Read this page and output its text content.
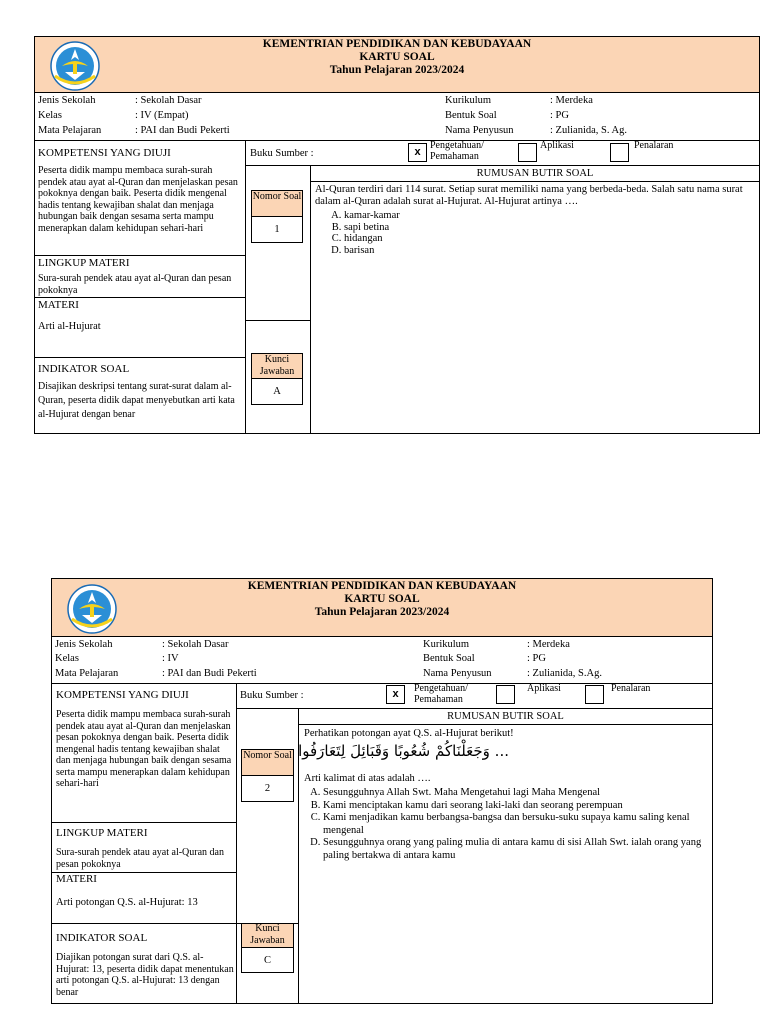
KEMENTRIAN PENDIDIKAN DAN KEBUDAYAAN
KARTU SOAL
Tahun Pelajaran 2023/2024
Jenis Sekolah	: Sekolah Dasar
Kelas	: IV (Empat)
Mata Pelajaran	: PAI dan Budi Pekerti
Kurikulum	: Merdeka
Bentuk Soal	: PG
Nama Penyusun	: Zulianida, S. Ag.
KOMPETENSI YANG DIUJI
Peserta didik mampu membaca surah-surah pendek atau ayat al-Quran dan menjelaskan pesan pokoknya dengan baik. Peserta didik mengenal hadis tentang kewajiban shalat dan menjaga hubungan baik dengan sesama serta mampu menerapkan dalam kehidupan sehari-hari
LINGKUP MATERI
Sura-surah pendek atau ayat al-Quran dan pesan pokoknya
MATERI
Arti al-Hujurat
INDIKATOR SOAL
Disajikan deskripsi tentang surat-surat dalam al-Quran, peserta didik dapat menyebutkan arti kata al-Hujurat dengan benar
Buku Sumber :	x
Pengetahuan/ Pemahaman
Aplikasi	Penalaran
RUMUSAN BUTIR SOAL
Nomor Soal
1
Kunci Jawaban
A
Al-Quran terdiri dari 114 surat. Setiap surat memiliki nama yang berbeda-beda. Salah satu nama surat dalam al-Quran adalah surat al-Hujurat. Al-Hujurat artinya ….
A. kamar-kamar
B. sapi betina
C. hidangan
D. barisan
KEMENTRIAN PENDIDIKAN DAN KEBUDAYAAN
KARTU SOAL
Tahun Pelajaran 2023/2024
Jenis Sekolah	: Sekolah Dasar
Kelas	: IV
Mata Pelajaran	: PAI dan Budi Pekerti
Kurikulum	: Merdeka
Bentuk Soal	: PG
Nama Penyusun	: Zulianida, S.Ag.
KOMPETENSI YANG DIUJI
Peserta didik mampu membaca surah-surah pendek atau ayat al-Quran dan menjelaskan pesan pokoknya dengan baik. Peserta didik mengenal hadis tentang kewajiban shalat dan menjaga hubungan baik dengan sesama serta mampu menerapkan dalam kehidupan sehari-hari
LINGKUP MATERI
Sura-surah pendek atau ayat al-Quran dan pesan pokoknya
MATERI
Arti potongan Q.S. al-Hujurat: 13
INDIKATOR SOAL
Diajikan potongan surat dari Q.S. al-Hujurat: 13, peserta didik dapat menentukan arti potongan Q.S. al-Hujurat: 13 dengan benar
Buku Sumber :	x	Pengetahuan/ Pemahaman
Aplikasi	Penalaran
RUMUSAN BUTIR SOAL
Nomor Soal
2
Kunci Jawaban
C
Perhatikan potongan ayat Q.S. al-Hujurat berikut!
... وَجَعَلْنَاكُمْ شُعُوبًا وَقَبَائِلَ لِتَعَارَفُوا
Arti kalimat di atas adalah ….
A. Sesungguhnya Allah Swt. Maha Mengetahui lagi Maha Mengenal
B. Kami menciptakan kamu dari seorang laki-laki dan seorang perempuan
C. Kami menjadikan kamu berbangsa-bangsa dan bersuku-suku supaya kamu saling kenal mengenal
D. Sesungguhnya orang yang paling mulia di antara kamu di sisi Allah Swt. ialah orang yang paling bertakwa di antara kamu
